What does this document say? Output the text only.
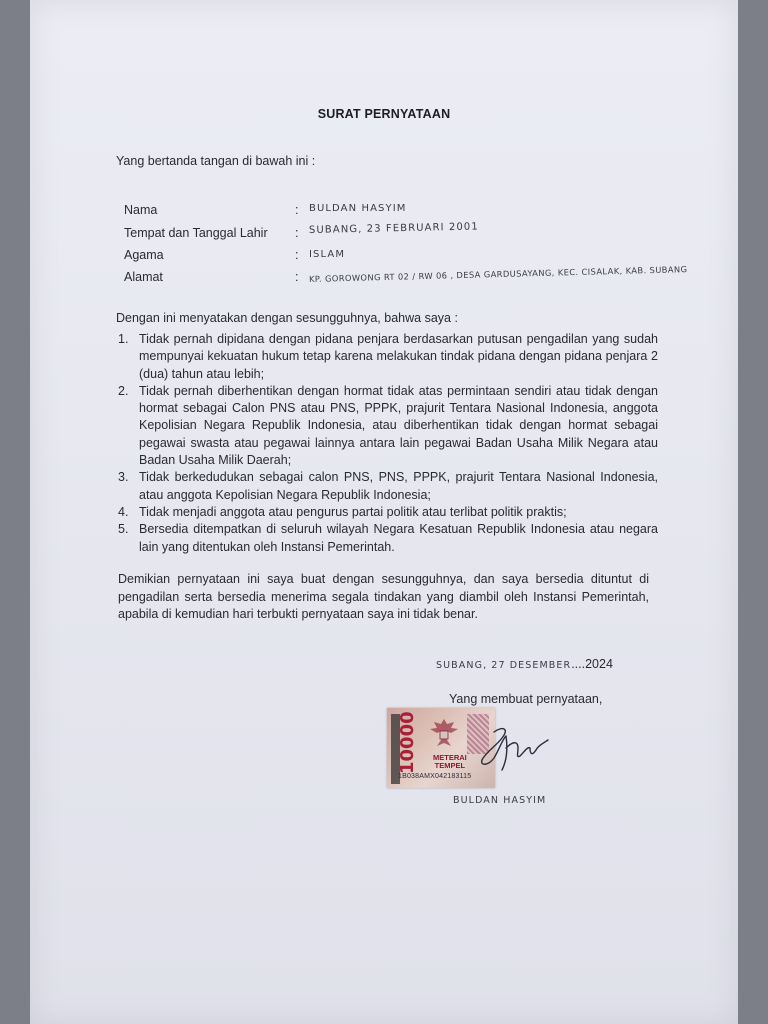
SURAT PERNYATAAN
Yang bertanda tangan di bawah ini :
Nama	: BULDAN HASYIM
Tempat dan Tanggal Lahir : SUBANG, 23 FEBRUARI 2001
Agama	: ISLAM
Alamat	: KP. GOROWONG RT 02 / RW 06 , DESA GARDUSAYANG, KEC. CISALAK, KAB. SUBANG
Dengan ini menyatakan dengan sesungguhnya, bahwa saya :
1. Tidak pernah dipidana dengan pidana penjara berdasarkan putusan pengadilan yang sudah mempunyai kekuatan hukum tetap karena melakukan tindak pidana dengan pidana penjara 2 (dua) tahun atau lebih;
2. Tidak pernah diberhentikan dengan hormat tidak atas permintaan sendiri atau tidak dengan hormat sebagai Calon PNS atau PNS, PPPK, prajurit Tentara Nasional Indonesia, anggota Kepolisian Negara Republik Indonesia, atau diberhentikan tidak dengan hormat sebagai pegawai swasta atau pegawai lainnya antara lain pegawai Badan Usaha Milik Negara atau Badan Usaha Milik Daerah;
3. Tidak berkedudukan sebagai calon PNS, PNS, PPPK, prajurit Tentara Nasional Indonesia, atau anggota Kepolisian Negara Republik Indonesia;
4. Tidak menjadi anggota atau pengurus partai politik atau terlibat politik praktis;
5. Bersedia ditempatkan di seluruh wilayah Negara Kesatuan Republik Indonesia atau negara lain yang ditentukan oleh Instansi Pemerintah.
Demikian pernyataan ini saya buat dengan sesungguhnya, dan saya bersedia dituntut di pengadilan serta bersedia menerima segala tindakan yang diambil oleh Instansi Pemerintah, apabila di kemudian hari terbukti pernyataan saya ini tidak benar.
SUBANG, 27 DESEMBER....2024
Yang membuat pernyataan,
10000	METERAI
TEMPEL
1B038AMX042183115
BULDAN HASYIM
